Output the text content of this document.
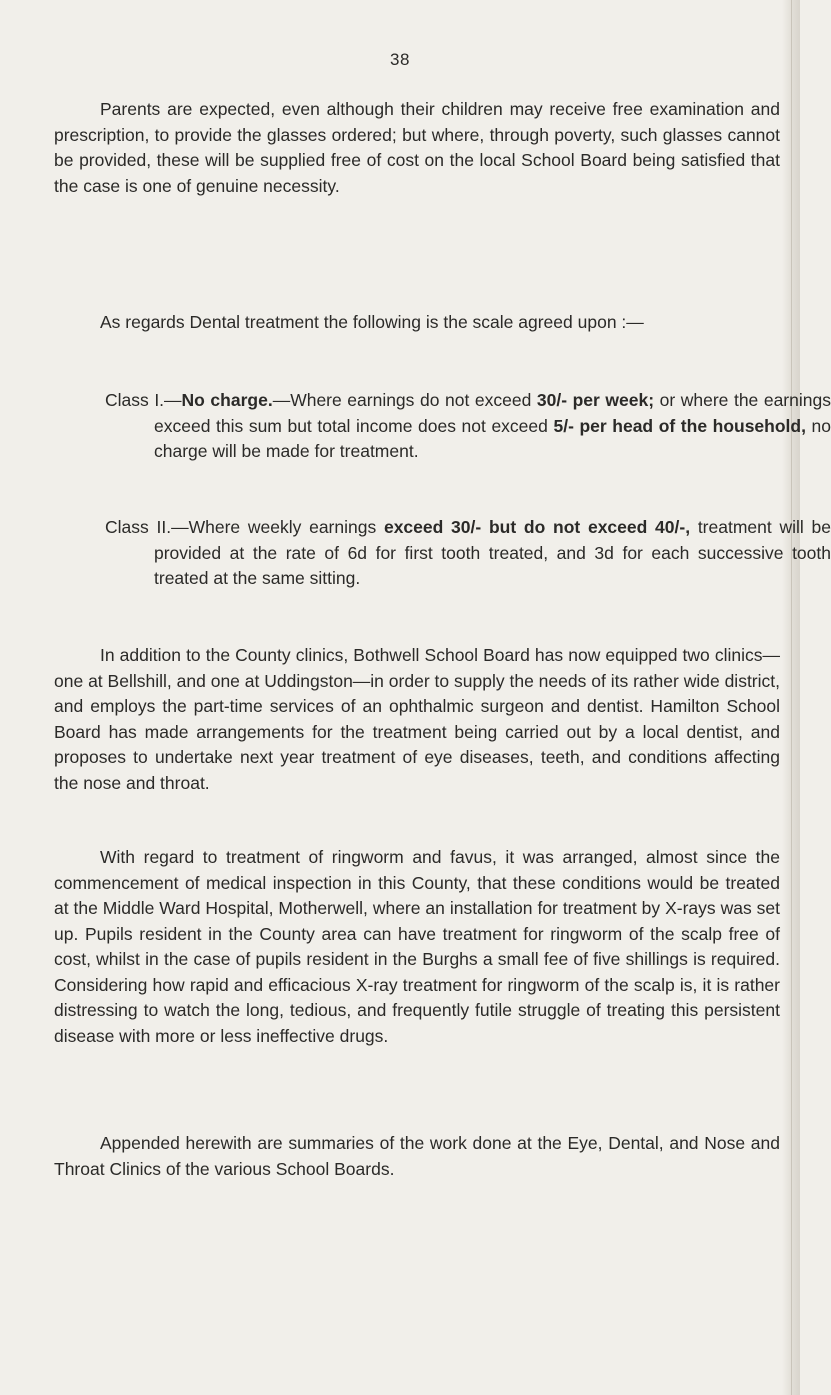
38

Parents are expected, even although their children may receive free examination and prescription, to provide the glasses ordered; but where, through poverty, such glasses cannot be provided, these will be supplied free of cost on the local School Board being satisfied that the case is one of genuine necessity.

As regards Dental treatment the following is the scale agreed upon :—

Class I.—No charge.—Where earnings do not exceed 30/- per week; or where the earnings exceed this sum but total income does not exceed 5/- per head of the household, no charge will be made for treatment.

Class II.—Where weekly earnings exceed 30/- but do not exceed 40/-, treatment will be provided at the rate of 6d for first tooth treated, and 3d for each successive tooth treated at the same sitting.

In addition to the County clinics, Bothwell School Board has now equipped two clinics—one at Bellshill, and one at Uddingston—in order to supply the needs of its rather wide district, and employs the part-time services of an ophthalmic surgeon and dentist. Hamilton School Board has made arrangements for the treatment being carried out by a local dentist, and proposes to undertake next year treatment of eye diseases, teeth, and conditions affecting the nose and throat.

With regard to treatment of ringworm and favus, it was arranged, almost since the commencement of medical inspection in this County, that these conditions would be treated at the Middle Ward Hospital, Motherwell, where an installation for treatment by X-rays was set up. Pupils resident in the County area can have treatment for ringworm of the scalp free of cost, whilst in the case of pupils resident in the Burghs a small fee of five shillings is required. Considering how rapid and efficacious X-ray treatment for ringworm of the scalp is, it is rather distressing to watch the long, tedious, and frequently futile struggle of treating this persistent disease with more or less ineffective drugs.

Appended herewith are summaries of the work done at the Eye, Dental, and Nose and Throat Clinics of the various School Boards.
